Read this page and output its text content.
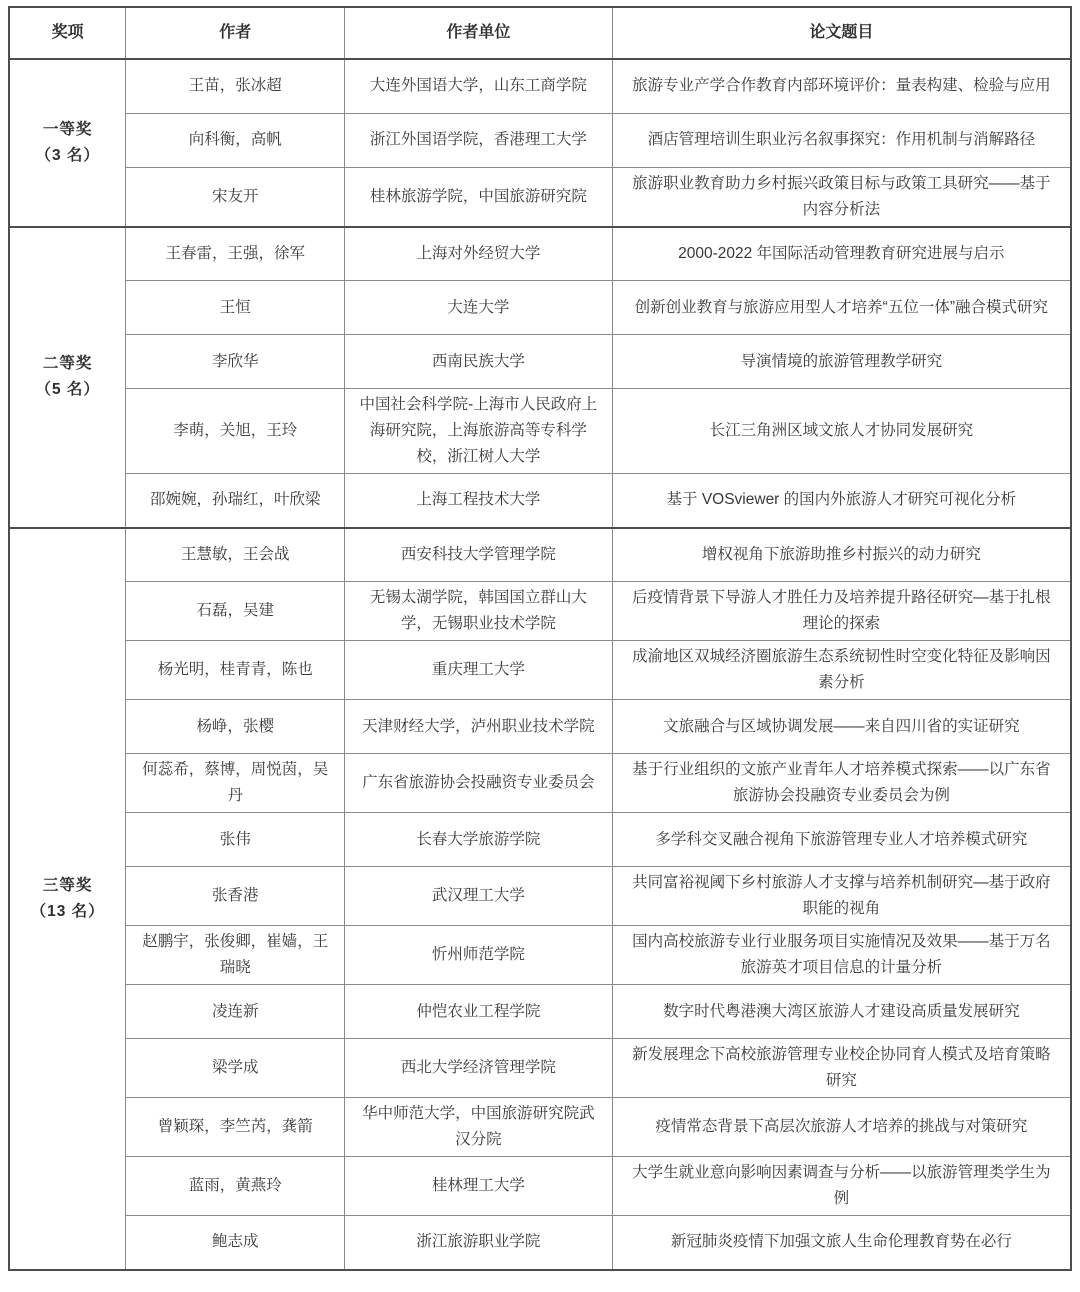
奖项	作者	作者单位	论文题目

一等奖
（3 名）	王苗，张冰超	大连外国语大学，山东工商学院	旅游专业产学合作教育内部环境评价：量表构建、检验与应用
	向科衡，高帆	浙江外国语学院，香港理工大学	酒店管理培训生职业污名叙事探究：作用机制与消解路径
	宋友开	桂林旅游学院，中国旅游研究院	旅游职业教育助力乡村振兴政策目标与政策工具研究——基于内容分析法

二等奖
（5 名）	王春雷，王强，徐军	上海对外经贸大学	2000-2022 年国际活动管理教育研究进展与启示
	王恒	大连大学	创新创业教育与旅游应用型人才培养“五位一体”融合模式研究
	李欣华	西南民族大学	导演情境的旅游管理教学研究
	李萌，关旭，王玲	中国社会科学院-上海市人民政府上海研究院，上海旅游高等专科学校，浙江树人大学	长江三角洲区域文旅人才协同发展研究
	邵婉婉，孙瑞红，叶欣梁	上海工程技术大学	基于 VOSviewer 的国内外旅游人才研究可视化分析

三等奖
（13 名）	王慧敏，王会战	西安科技大学管理学院	增权视角下旅游助推乡村振兴的动力研究
	石磊，吴建	无锡太湖学院，韩国国立群山大学，无锡职业技术学院	后疫情背景下导游人才胜任力及培养提升路径研究—基于扎根理论的探索
	杨光明，桂青青，陈也	重庆理工大学	成渝地区双城经济圈旅游生态系统韧性时空变化特征及影响因素分析
	杨峥，张樱	天津财经大学，泸州职业技术学院	文旅融合与区域协调发展——来自四川省的实证研究
	何蕊希，蔡博，周悦茵，吴丹	广东省旅游协会投融资专业委员会	基于行业组织的文旅产业青年人才培养模式探索——以广东省旅游协会投融资专业委员会为例
	张伟	长春大学旅游学院	多学科交叉融合视角下旅游管理专业人才培养模式研究
	张香港	武汉理工大学	共同富裕视阈下乡村旅游人才支撑与培养机制研究—基于政府职能的视角
	赵鹏宇，张俊卿，崔嫱，王瑞晓	忻州师范学院	国内高校旅游专业行业服务项目实施情况及效果——基于万名旅游英才项目信息的计量分析
	凌连新	仲恺农业工程学院	数字时代粤港澳大湾区旅游人才建设高质量发展研究
	梁学成	西北大学经济管理学院	新发展理念下高校旅游管理专业校企协同育人模式及培育策略研究
	曾颖琛，李竺芮，龚箭	华中师范大学，中国旅游研究院武汉分院	疫情常态背景下高层次旅游人才培养的挑战与对策研究
	蓝雨，黄燕玲	桂林理工大学	大学生就业意向影响因素调查与分析——以旅游管理类学生为例
	鲍志成	浙江旅游职业学院	新冠肺炎疫情下加强文旅人生命伦理教育势在必行
